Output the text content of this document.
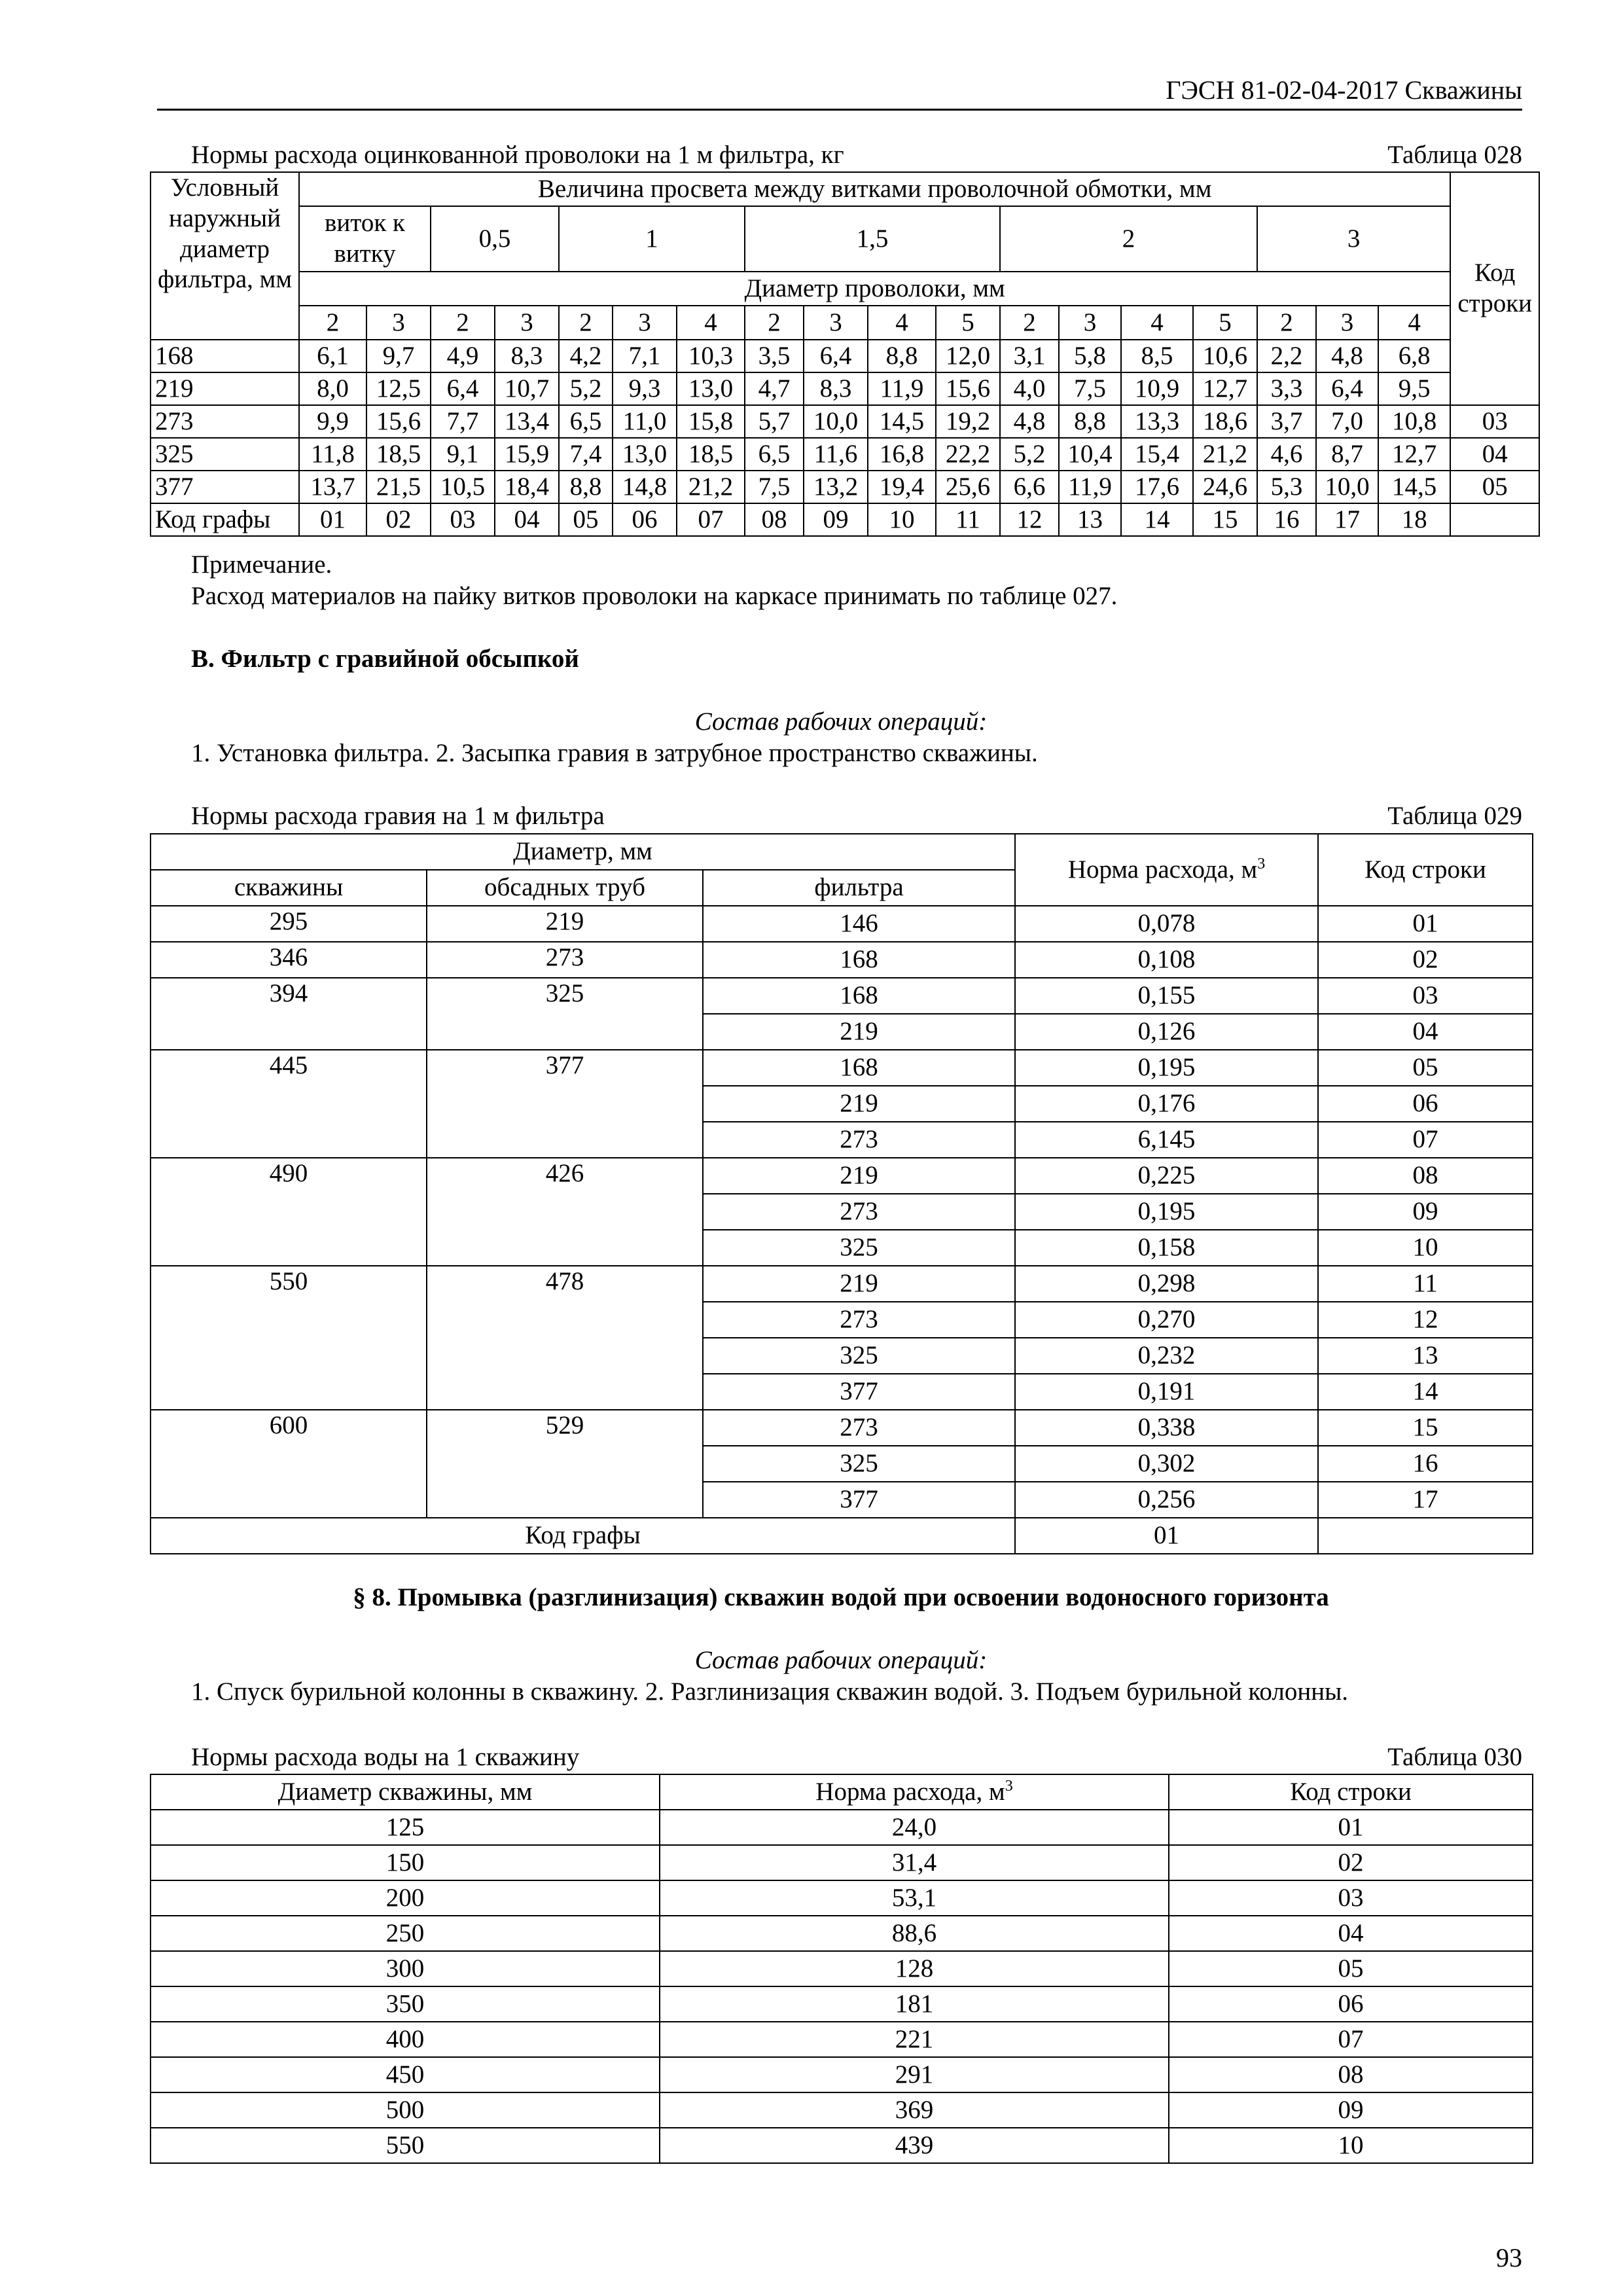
ГЭСН 81-02-04-2017 Скважины
Нормы расхода оцинкованной проволоки на 1 м фильтра, кг	Таблица 028
Условный наружный диаметр фильтра, мм	Величина просвета между витками проволочной обмотки, мм																		Код строки	
	виток к витку		0,5		1			1,5				2				3				
	Диаметр проволоки, мм																			
	2	3	2	3	2	3	4	2	3	4	5	2	3	4	5	2	3	4		
168	6,1	9,7	4,9	8,3	4,2	7,1	10,3	3,5	6,4	8,8	12,0	3,1	5,8	8,5	10,6	2,2	4,8	6,8	
219	8,0	12,5	6,4	10,7	5,2	9,3	13,0	4,7	8,3	11,9	15,6	4,0	7,5	10,9	12,7	3,3	6,4	9,5	
273	9,9	15,6	7,7	13,4	6,5	11,0	15,8	5,7	10,0	14,5	19,2	4,8	8,8	13,3	18,6	3,7	7,0	10,8	03	
325	11,8	18,5	9,1	15,9	7,4	13,0	18,5	6,5	11,6	16,8	22,2	5,2	10,4	15,4	21,2	4,6	8,7	12,7	04	
377	13,7	21,5	10,5	18,4	8,8	14,8	21,2	7,5	13,2	19,4	25,6	6,6	11,9	17,6	24,6	5,3	10,0	14,5	05	
Код графы	01	02	03	04	05	06	07	08	09	10	11	12	13	14	15	16	17	18		
Примечание.
Расход материалов на пайку витков проволоки на каркасе принимать по таблице 027.
В. Фильтр с гравийной обсыпкой
Состав рабочих операций:
1. Установка фильтра. 2. Засыпка гравия в затрубное пространство скважины.
Нормы расхода гравия на 1 м фильтра	Таблица 029
Диаметр, мм			Норма расхода, $м^3$	Код строки
скважины	обсадных труб	фильтра		
295	219	146	0,078	01
346	273	168	0,108	02
394	325	168	0,155	03
		219	0,126	04
445	377	168	0,195	05
		219	0,176	06
		273	6,145	07
490	426	219	0,225	08
		273	0,195	09
		325	0,158	10
550	478	219	0,298	11
		273	0,270	12
		325	0,232	13
		377	0,191	14
600	529	273	0,338	15
		325	0,302	16
		377	0,256	17
Код графы			01	
§ 8. Промывка (разглинизация) скважин водой при освоении водоносного горизонта
Состав рабочих операций:
1. Спуск бурильной колонны в скважину. 2. Разглинизация скважин водой. 3. Подъем бурильной колонны.
Нормы расхода воды на 1 скважину	Таблица 030
Диаметр скважины, мм	Норма расхода, $м^3$	Код строки
125	24,0	01
150	31,4	02
200	53,1	03
250	88,6	04
300	128	05
350	181	06
400	221	07
450	291	08
500	369	09
550	439	10
93
